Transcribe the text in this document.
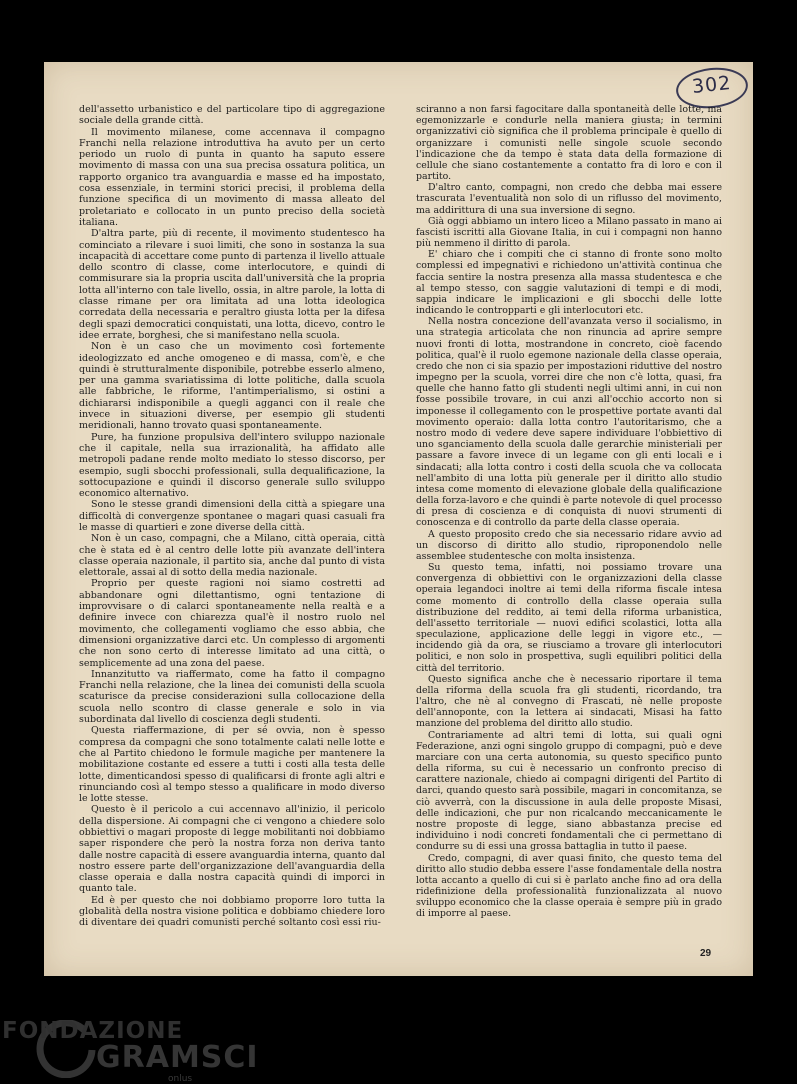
302

dell'assetto urbanistico e del particolare tipo di aggregazione sociale della grande città.

Il movimento milanese, come accennava il compagno Franchi nella relazione introduttiva ha avuto per un certo periodo un ruolo di punta in quanto ha saputo essere movimento di massa con una sua precisa ossatura politica, un rapporto organico tra avanguardia e masse ed ha impostato, cosa essenziale, in termini storici precisi, il problema della funzione specifica di un movimento di massa alleato del proletariato e collocato in un punto preciso della società italiana.

D'altra parte, più di recente, il movimento studentesco ha cominciato a rilevare i suoi limiti, che sono in sostanza la sua incapacità di accettare come punto di partenza il livello attuale dello scontro di classe, come interlocutore, e quindi di commisurare sia la propria uscita dall'università che la propria lotta all'interno con tale livello, ossia, in altre parole, la lotta di classe rimane per ora limitata ad una lotta ideologica corredata della necessaria e peraltro giusta lotta per la difesa degli spazi democratici conquistati, una lotta, dicevo, contro le idee errate, borghesi, che si manifestano nella scuola.

Non è un caso che un movimento così fortemente ideologizzato ed anche omogeneo e di massa, com'è, e che quindi è strutturalmente disponibile, potrebbe esserlo almeno, per una gamma svariatissima di lotte politiche, dalla scuola alle fabbriche, le riforme, l'antimperialismo, si ostini a dichiararsi indisponibile a quegli agganci con il reale che invece in situazioni diverse, per esempio gli studenti meridionali, hanno trovato quasi spontaneamente.

Pure, ha funzione propulsiva dell'intero sviluppo nazionale che il capitale, nella sua irrazionalità, ha affidato alle metropoli padane rende molto mediato lo stesso discorso, per esempio, sugli sbocchi professionali, sulla dequalificazione, la sottocupazione e quindi il discorso generale sullo sviluppo economico alternativo.

Sono le stesse grandi dimensioni della città a spiegare una difficoltà di convergenze spontanee o magari quasi casuali fra le masse di quartieri e zone diverse della città.

Non è un caso, compagni, che a Milano, città operaia, città che è stata ed è al centro delle lotte più avanzate dell'intera classe operaia nazionale, il partito sia, anche dal punto di vista elettorale, assai al di sotto della media nazionale.

Proprio per queste ragioni noi siamo costretti ad abbandonare ogni dilettantismo, ogni tentazione di improvvisare o di calarci spontaneamente nella realtà e a definire invece con chiarezza qual'è il nostro ruolo nel movimento, che collegamenti vogliamo che esso abbia, che dimensioni organizzative darci etc. Un complesso di argomenti che non sono certo di interesse limitato ad una città, o semplicemente ad una zona del paese.

Innanzitutto va riaffermato, come ha fatto il compagno Franchi nella relazione, che la linea dei comunisti della scuola scaturisce da precise considerazioni sulla collocazione della scuola nello scontro di classe generale e solo in via subordinata dal livello di coscienza degli studenti.

Questa riaffermazione, di per sé ovvia, non è spesso compresa da compagni che sono totalmente calati nelle lotte e che al Partito chiedono le formule magiche per mantenere la mobilitazione costante ed essere a tutti i costi alla testa delle lotte, dimenticandosi spesso di qualificarsi di fronte agli altri e rinunciando così al tempo stesso a qualificare in modo diverso le lotte stesse.

Questo è il pericolo a cui accennavo all'inizio, il pericolo della dispersione. Ai compagni che ci vengono a chiedere solo obbiettivi o magari proposte di legge mobilitanti noi dobbiamo saper rispondere che però la nostra forza non deriva tanto dalle nostre capacità di essere avanguardia interna, quanto dal nostro essere parte dell'organizzazione dell'avanguardia della classe operaia e dalla nostra capacità quindi di imporci in quanto tale.

Ed è per questo che noi dobbiamo proporre loro tutta la globalità della nostra visione politica e dobbiamo chiedere loro di diventare dei quadri comunisti perché soltanto così essi riu-

sciranno a non farsi fagocitare dalla spontaneità delle lotte, ma egemonizzarle e condurle nella maniera giusta; in termini organizzativi ciò significa che il problema principale è quello di organizzare i comunisti nelle singole scuole secondo l'indicazione che da tempo è stata data della formazione di cellule che siano costantemente a contatto fra di loro e con il partito.

D'altro canto, compagni, non credo che debba mai essere trascurata l'eventualità non solo di un riflusso del movimento, ma addirittura di una sua inversione di segno.

Già oggi abbiamo un intero liceo a Milano passato in mano ai fascisti iscritti alla Giovane Italia, in cui i compagni non hanno più nemmeno il diritto di parola.

E' chiaro che i compiti che ci stanno di fronte sono molto complessi ed impegnativi e richiedono un'attività continua che faccia sentire la nostra presenza alla massa studentesca e che al tempo stesso, con saggie valutazioni di tempi e di modi, sappia indicare le implicazioni e gli sbocchi delle lotte indicando le contropparti e gli interlocutori etc.

Nella nostra concezione dell'avanzata verso il socialismo, in una strategia articolata che non rinuncia ad aprire sempre nuovi fronti di lotta, mostrandone in concreto, cioè facendo politica, qual'è il ruolo egemone nazionale della classe operaia, credo che non ci sia spazio per impostazioni riduttive del nostro impegno per la scuola, vorrei dire che non c'è lotta, quasi, fra quelle che hanno fatto gli studenti negli ultimi anni, in cui non fosse possibile trovare, in cui anzi all'occhio accorto non si imponesse il collegamento con le prospettive portate avanti dal movimento operaio: dalla lotta contro l'autoritarismo, che a nostro modo di vedere deve sapere individuare l'obbiettivo di uno sganciamento della scuola dalle gerarchie ministeriali per passare a favore invece di un legame con gli enti locali e i sindacati; alla lotta contro i costi della scuola che va collocata nell'ambito di una lotta più generale per il diritto allo studio intesa come momento di elevazione globale della qualificazione della forza-lavoro e che quindi è parte notevole di quel processo di presa di coscienza e di conquista di nuovi strumenti di conoscenza e di controllo da parte della classe operaia.

A questo proposito credo che sia necessario ridare avvio ad un discorso di diritto allo studio, riproponendolo nelle assemblee studentesche con molta insistenza.

Su questo tema, infatti, noi possiamo trovare una convergenza di obbiettivi con le organizzazioni della classe operaia legandoci inoltre ai temi della riforma fiscale intesa come momento di controllo della classe operaia sulla distribuzione del reddito, ai temi della riforma urbanistica, dell'assetto territoriale — nuovi edifici scolastici, lotta alla speculazione, applicazione delle leggi in vigore etc., — incidendo già da ora, se riusciamo a trovare gli interlocutori politici, e non solo in prospettiva, sugli equilibri politici della città del territorio.

Questo significa anche che è necessario riportare il tema della riforma della scuola fra gli studenti, ricordando, tra l'altro, che nè al convegno di Frascati, nè nelle proposte dell'annoponte, con la lettera ai sindacati, Misasi ha fatto manzione del problema del diritto allo studio.

Contrariamente ad altri temi di lotta, sui quali ogni Federazione, anzi ogni singolo gruppo di compagni, può e deve marciare con una certa autonomia, su questo specifico punto della riforma, su cui è necessario un confronto preciso di carattere nazionale, chiedo ai compagni dirigenti del Partito di darci, quando questo sarà possibile, magari in concomitanza, se ciò avverrà, con la discussione in aula delle proposte Misasi, delle indicazioni, che pur non ricalcando meccanicamente le nostre proposte di legge, siano abbastanza precise ed individuino i nodi concreti fondamentali che ci permettano di condurre su di essi una grossa battaglia in tutto il paese.

Credo, compagni, di aver quasi finito, che questo tema del diritto allo studio debba essere l'asse fondamentale della nostra lotta accanto a quello di cui si è parlato anche fino ad ora della ridefinizione della professionalità funzionalizzata al nuovo sviluppo economico che la classe operaia è sempre più in grado di imporre al paese.

29
FONDAZIONE
GRAMSCI
onlus
